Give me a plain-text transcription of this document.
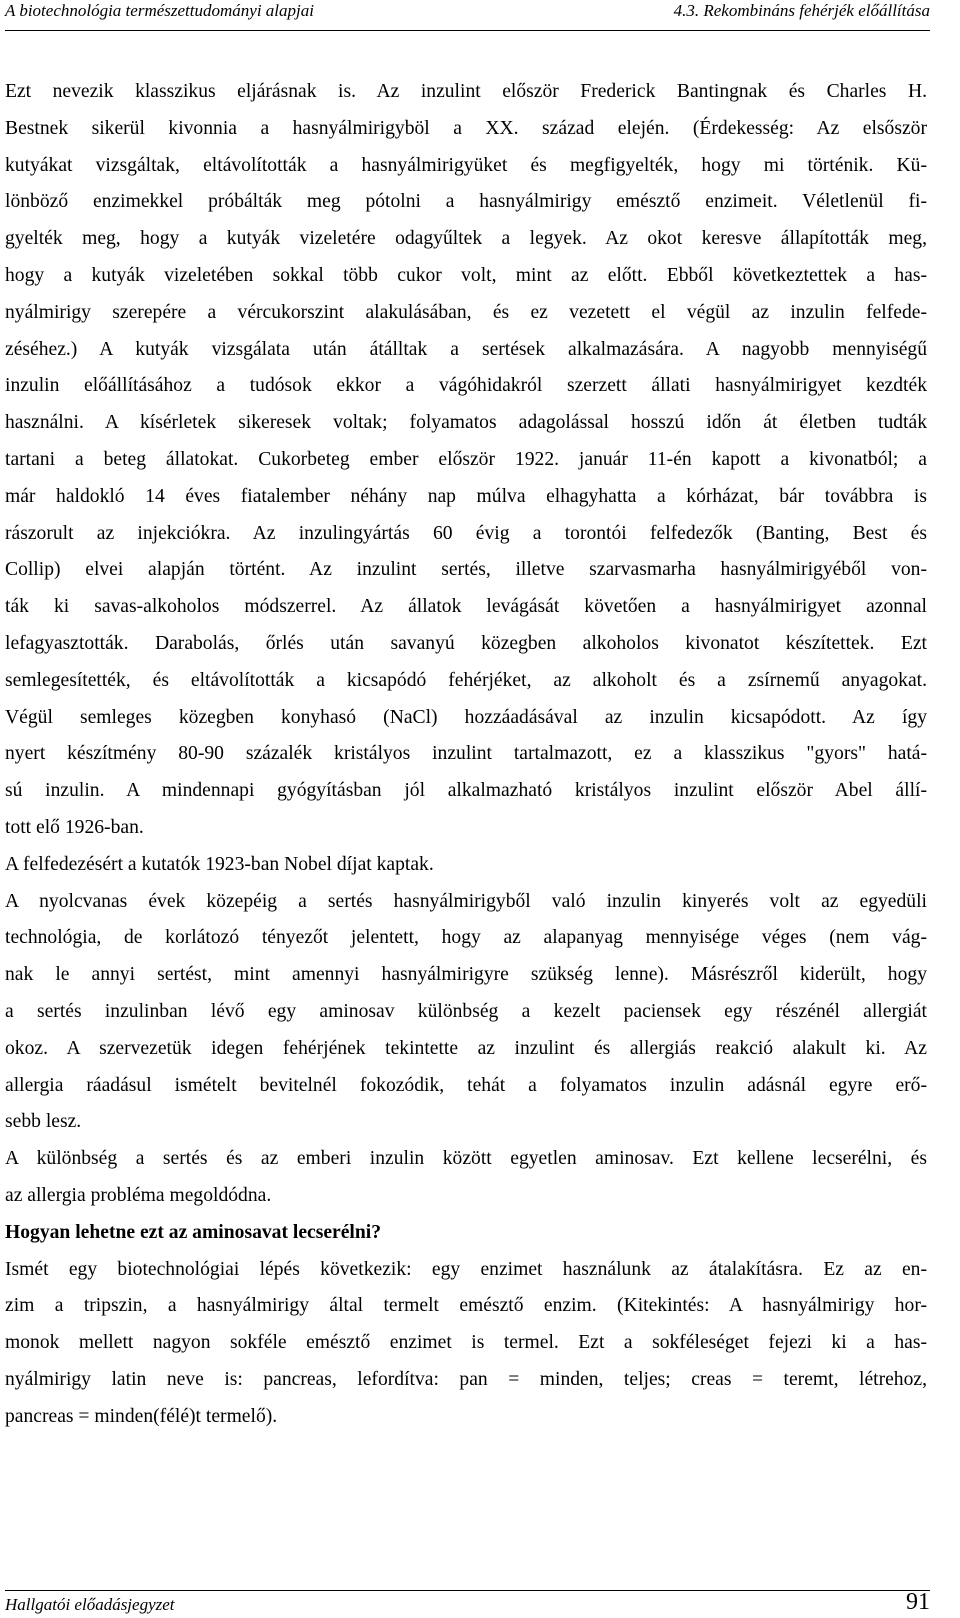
A biotechnológia természettudományi alapjai	4.3. Rekombináns fehérjék előállítása
Ezt nevezik klasszikus eljárásnak is. Az inzulint először Frederick Bantingnak és Charles H.
Bestnek sikerül kivonnia a hasnyálmirigyböl a XX. század elején. (Érdekesség: Az elsőször
kutyákat vizsgáltak, eltávolították a hasnyálmirigyüket és megfigyelték, hogy mi történik. Kü-
lönböző enzimekkel próbálták meg pótolni a hasnyálmirigy emésztő enzimeit. Véletlenül fi-
gyelték meg, hogy a kutyák vizeletére odagyűltek a legyek. Az okot keresve állapították meg,
hogy a kutyák vizeletében sokkal több cukor volt, mint az előtt. Ebből következtettek a has-
nyálmirigy szerepére a vércukorszint alakulásában, és ez vezetett el végül az inzulin felfede-
zéséhez.) A kutyák vizsgálata után átálltak a sertések alkalmazására. A nagyobb mennyiségű
inzulin előállításához a tudósok ekkor a vágóhidakról szerzett állati hasnyálmirigyet kezdték
használni. A kísérletek sikeresek voltak; folyamatos adagolással hosszú időn át életben tudták
tartani a beteg állatokat. Cukorbeteg ember először 1922. január 11-én kapott a kivonatból; a
már haldokló 14 éves fiatalember néhány nap múlva elhagyhatta a kórházat, bár továbbra is
rászorult az injekciókra. Az inzulingyártás 60 évig a torontói felfedezők (Banting, Best és
Collip) elvei alapján történt. Az inzulint sertés, illetve szarvasmarha hasnyálmirigyéből von-
ták ki savas-alkoholos módszerrel. Az állatok levágását követően a hasnyálmirigyet azonnal
lefagyasztották. Darabolás, őrlés után savanyú közegben alkoholos kivonatot készítettek. Ezt
semlegesítették, és eltávolították a kicsapódó fehérjéket, az alkoholt és a zsírnemű anyagokat.
Végül semleges közegben konyhasó (NaCl) hozzáadásával az inzulin kicsapódott. Az így
nyert készítmény 80-90 százalék kristályos inzulint tartalmazott, ez a klasszikus "gyors" hatá-
sú inzulin. A mindennapi gyógyításban jól alkalmazható kristályos inzulint először Abel állí-
tott elő 1926-ban.
A felfedezésért a kutatók 1923-ban Nobel díjat kaptak.
A nyolcvanas évek közepéig a sertés hasnyálmirigyből való inzulin kinyerés volt az egyedüli
technológia, de korlátozó tényezőt jelentett, hogy az alapanyag mennyisége véges (nem vág-
nak le annyi sertést, mint amennyi hasnyálmirigyre szükség lenne). Másrészről kiderült, hogy
a sertés inzulinban lévő egy aminosav különbség a kezelt paciensek egy részénél allergiát
okoz. A szervezetük idegen fehérjének tekintette az inzulint és allergiás reakció alakult ki. Az
allergia ráadásul ismételt bevitelnél fokozódik, tehát a folyamatos inzulin adásnál egyre erő-
sebb lesz.
A különbség a sertés és az emberi inzulin között egyetlen aminosav. Ezt kellene lecserélni, és
az allergia probléma megoldódna.
Hogyan lehetne ezt az aminosavat lecserélni?
Ismét egy biotechnológiai lépés következik: egy enzimet használunk az átalakításra. Ez az en-
zim a tripszin, a hasnyálmirigy által termelt emésztő enzim. (Kitekintés: A hasnyálmirigy hor-
monok mellett nagyon sokféle emésztő enzimet is termel. Ezt a sokféleséget fejezi ki a has-
nyálmirigy latin neve is: pancreas, lefordítva: pan = minden, teljes; creas = teremt, létrehoz,
pancreas = minden(félé)t termelő).
Hallgatói előadásjegyzet	91
